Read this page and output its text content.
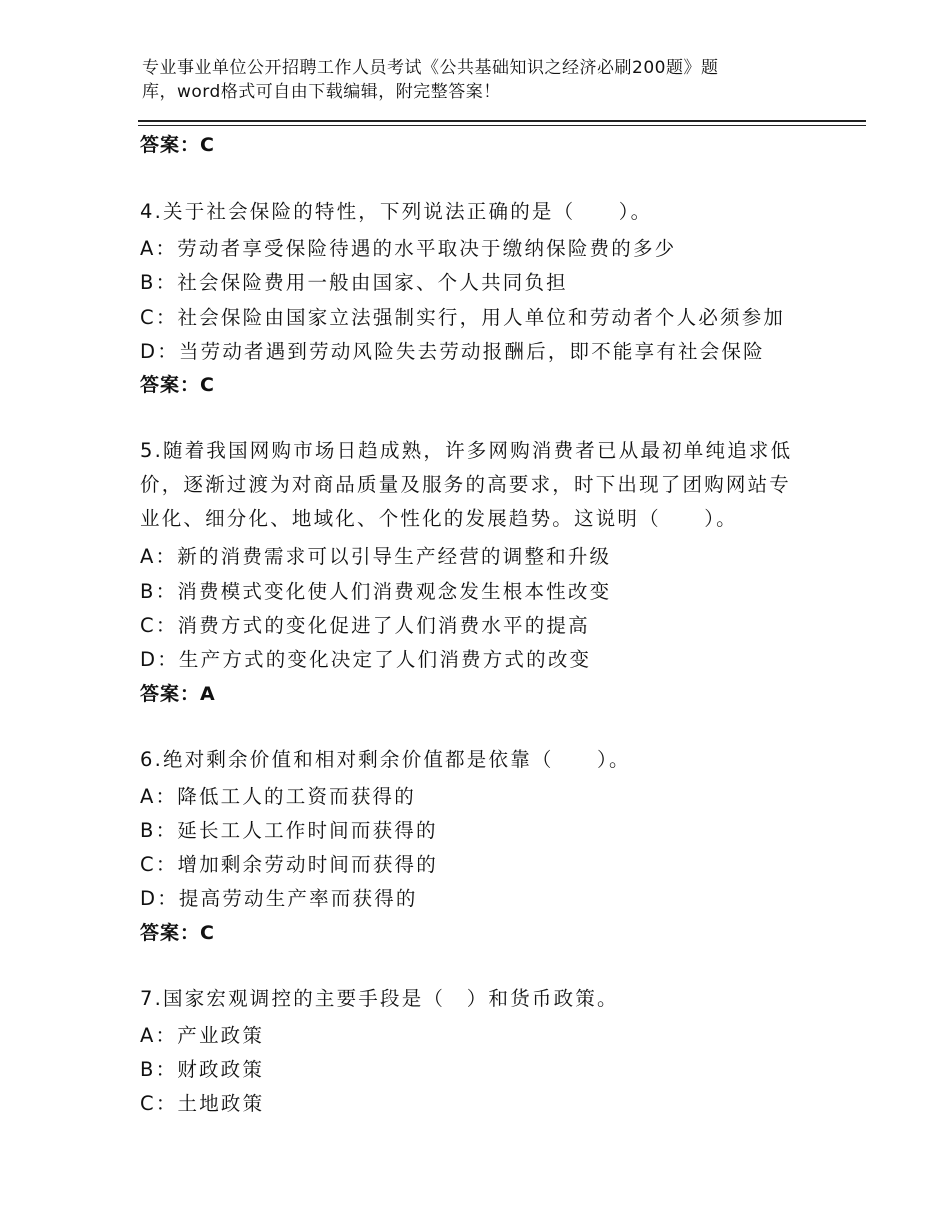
专业事业单位公开招聘工作人员考试《公共基础知识之经济必刷200题》题
库，word格式可自由下载编辑，附完整答案！
答案：C
4.关于社会保险的特性，下列说法正确的是（　　）。
A：劳动者享受保险待遇的水平取决于缴纳保险费的多少
B：社会保险费用一般由国家、个人共同负担
C：社会保险由国家立法强制实行，用人单位和劳动者个人必须参加
D：当劳动者遇到劳动风险失去劳动报酬后，即不能享有社会保险
答案：C
5.随着我国网购市场日趋成熟，许多网购消费者已从最初单纯追求低价，逐渐过渡为对商品质量及服务的高要求，时下出现了团购网站专业化、细分化、地域化、个性化的发展趋势。这说明（　　）。
A：新的消费需求可以引导生产经营的调整和升级
B：消费模式变化使人们消费观念发生根本性改变
C：消费方式的变化促进了人们消费水平的提高
D：生产方式的变化决定了人们消费方式的改变
答案：A
6.绝对剩余价值和相对剩余价值都是依靠（　　）。
A：降低工人的工资而获得的
B：延长工人工作时间而获得的
C：增加剩余劳动时间而获得的
D：提高劳动生产率而获得的
答案：C
7.国家宏观调控的主要手段是（　）和货币政策。
A：产业政策
B：财政政策
C：土地政策
